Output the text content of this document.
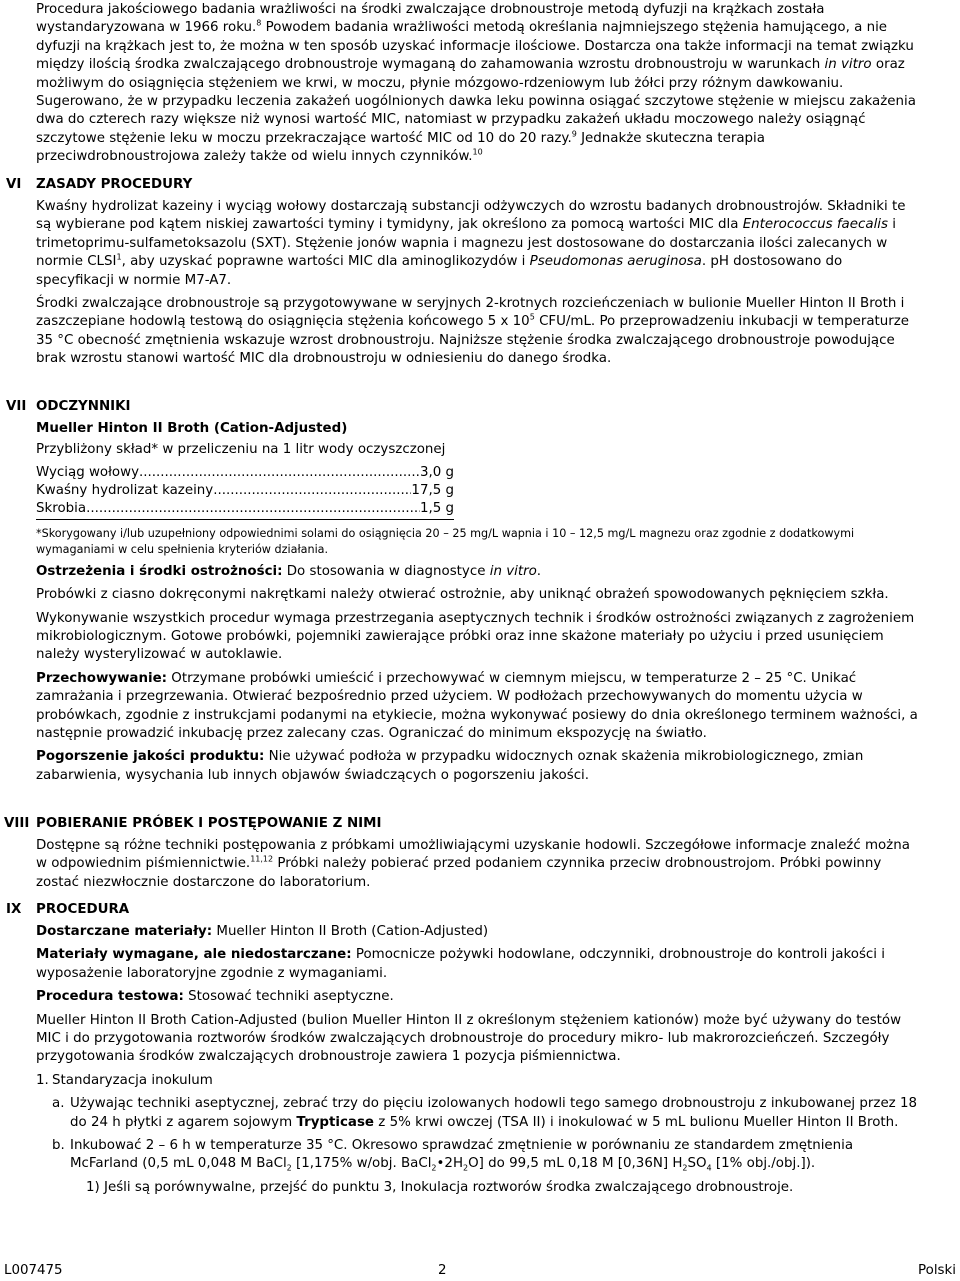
Procedura jakościowego badania wrażliwości na środki zwalczające drobnoustroje metodą dyfuzji na krążkach została wystandaryzowana w 1966 roku.$^8$ Powodem badania wrażliwości metodą określania najmniejszego stężenia hamującego, a nie dyfuzji na krążkach jest to, że można w ten sposób uzyskać informacje ilościowe. Dostarcza ona także informacji na temat związku między ilością środka zwalczającego drobnoustroje wymaganą do zahamowania wzrostu drobnoustroju w warunkach in vitro oraz możliwym do osiągnięcia stężeniem we krwi, w moczu, płynie mózgowo-rdzeniowym lub żółci przy różnym dawkowaniu. Sugerowano, że w przypadku leczenia zakażeń uogólnionych dawka leku powinna osiągać szczytowe stężenie w miejscu zakażenia dwa do czterech razy większe niż wynosi wartość MIC, natomiast w przypadku zakażeń układu moczowego należy osiągnąć szczytowe stężenie leku w moczu przekraczające wartość MIC od 10 do 20 razy.$^9$ Jednakże skuteczna terapia przeciwdrobnoustrojowa zależy także od wielu innych czynników.$^{10}$

VI	ZASADY PROCEDURY

Kwaśny hydrolizat kazeiny i wyciąg wołowy dostarczają substancji odżywczych do wzrostu badanych drobnoustrojów. Składniki te są wybierane pod kątem niskiej zawartości tyminy i tymidyny, jak określono za pomocą wartości MIC dla Enterococcus faecalis i trimetoprimu-sulfametoksazolu (SXT). Stężenie jonów wapnia i magnezu jest dostosowane do dostarczania ilości zalecanych w normie CLSI$^1$, aby uzyskać poprawne wartości MIC dla aminoglikozydów i Pseudomonas aeruginosa. pH dostosowano do specyfikacji w normie M7-A7.

Środki zwalczające drobnoustroje są przygotowywane w seryjnych 2-krotnych rozcieńczeniach w bulionie Mueller Hinton II Broth i zaszczepiane hodowlą testową do osiągnięcia stężenia końcowego 5 x $10^5$ CFU/mL. Po przeprowadzeniu inkubacji w temperaturze 35 °C obecność zmętnienia wskazuje wzrost drobnoustroju. Najniższe stężenie środka zwalczającego drobnoustroje powodujące brak wzrostu stanowi wartość MIC dla drobnoustroju w odniesieniu do danego środka.

VII ODCZYNNIKI

Mueller Hinton II Broth (Cation-Adjusted)

Przybliżony skład* w przeliczeniu na 1 litr wody oczyszczonej

Wyciąg wołowy .....	3,0 g
Kwaśny hydrolizat kazeiny .....	17,5 g
Skrobia .....	1,5 g

*Skorygowany i/lub uzupełniony odpowiednimi solami do osiągnięcia 20 – 25 mg/L wapnia i 10 – 12,5 mg/L magnezu oraz zgodnie z dodatkowymi wymaganiami w celu spełnienia kryteriów działania.

Ostrzeżenia i środki ostrożności: Do stosowania w diagnostyce in vitro.

Probówki z ciasno dokręconymi nakrętkami należy otwierać ostrożnie, aby uniknąć obrażeń spowodowanych pęknięciem szkła.

Wykonywanie wszystkich procedur wymaga przestrzegania aseptycznych technik i środków ostrożności związanych z zagrożeniem mikrobiologicznym. Gotowe probówki, pojemniki zawierające próbki oraz inne skażone materiały po użyciu i przed usunięciem należy wysterylizować w autoklawie.

Przechowywanie: Otrzymane probówki umieścić i przechowywać w ciemnym miejscu, w temperaturze 2 – 25 °C. Unikać zamrażania i przegrzewania. Otwierać bezpośrednio przed użyciem. W podłożach przechowywanych do momentu użycia w probówkach, zgodnie z instrukcjami podanymi na etykiecie, można wykonywać posiewy do dnia określonego terminem ważności, a następnie prowadzić inkubację przez zalecany czas. Ograniczać do minimum ekspozycję na światło.

Pogorszenie jakości produktu: Nie używać podłoża w przypadku widocznych oznak skażenia mikrobiologicznego, zmian zabarwienia, wysychania lub innych objawów świadczących o pogorszeniu jakości.

VIII POBIERANIE PRÓBEK I POSTĘPOWANIE Z NIMI

Dostępne są różne techniki postępowania z próbkami umożliwiającymi uzyskanie hodowli. Szczegółowe informacje znaleźć można w odpowiednim piśmiennictwie.$^{11,12}$ Próbki należy pobierać przed podaniem czynnika przeciw drobnoustrojom. Próbki powinny zostać niezwłocznie dostarczone do laboratorium.

IX	PROCEDURA

Dostarczane materiały: Mueller Hinton II Broth (Cation-Adjusted)

Materiały wymagane, ale niedostarczane: Pomocnicze pożywki hodowlane, odczynniki, drobnoustroje do kontroli jakości i wyposażenie laboratoryjne zgodnie z wymaganiami.

Procedura testowa: Stosować techniki aseptyczne.

Mueller Hinton II Broth Cation-Adjusted (bulion Mueller Hinton II z określonym stężeniem kationów) może być używany do testów MIC i do przygotowania roztworów środków zwalczających drobnoustroje do procedury mikro- lub makrorozcieńczeń. Szczegóły przygotowania środków zwalczających drobnoustroje zawiera 1 pozycja piśmiennictwa.

1. Standaryzacja inokulum
a. Używając techniki aseptycznej, zebrać trzy do pięciu izolowanych hodowli tego samego drobnoustroju z inkubowanej przez 18 do 24 h płytki z agarem sojowym Trypticase z 5% krwi owczej (TSA II) i inokulować w 5 mL bulionu Mueller Hinton II Broth.
b. Inkubować 2 – 6 h w temperaturze 35 °C. Okresowo sprawdzać zmętnienie w porównaniu ze standardem zmętnienia McFarland (0,5 mL 0,048 M BaCl$_2$ [1,175% w/obj. $BaCl_2•2H_2O$] do 99,5 mL 0,18 M [0,36N] $H_2SO_4$ [1% obj./obj.]).
1) Jeśli są porównywalne, przejść do punktu 3, Inokulacja roztworów środka zwalczającego drobnoustroje.
L007475	2	Polski
